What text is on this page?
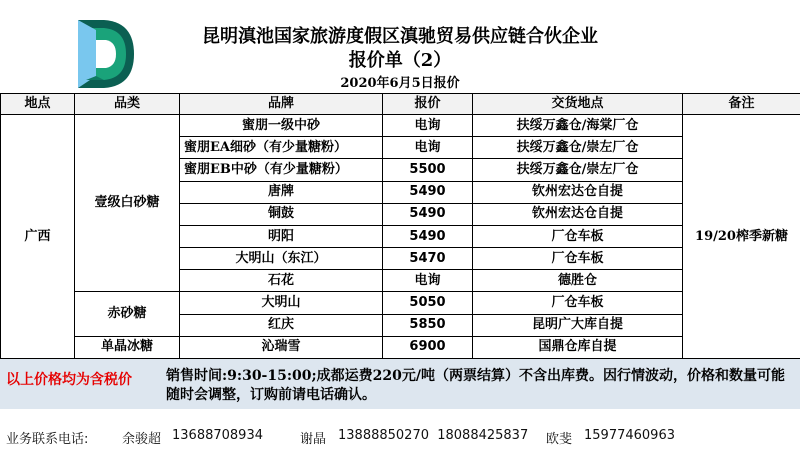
昆明滇池国家旅游度假区滇驰贸易供应链合伙企业
报价单（2）
2020年6月5日报价
地点	品类	品牌	报价	交货地点	备注
广西	壹级白砂糖	蜜朋一级中砂	电询	扶绥万鑫仓/海棠厂仓	19/20榨季新糖
		蜜朋EA细砂（有少量糖粉）	电询	扶绥万鑫仓/崇左厂仓	
		蜜朋EB中砂（有少量糖粉）	5500	扶绥万鑫仓/崇左厂仓	
		唐牌	5490	钦州宏达仓自提	
		铜鼓	5490	钦州宏达仓自提	
		明阳	5490	厂仓车板	
		大明山（东江）	5470	厂仓车板	
		石花	电询	德胜仓	
	赤砂糖	大明山	5050	厂仓车板	
		红庆	5850	昆明广大库自提	
	单晶冰糖	沁瑞雪	6900	国鼎仓库自提	
以上价格均为含税价 销售时间:9:30-15:00;成都运费220元/吨（两票结算）不含出库费。因行情波动，价格和数量可能随时会调整，订购前请电话确认。
业务联系电话:	余骏超 13688708934	谢晶 13888850270  18088425837 欧斐 15977460963
